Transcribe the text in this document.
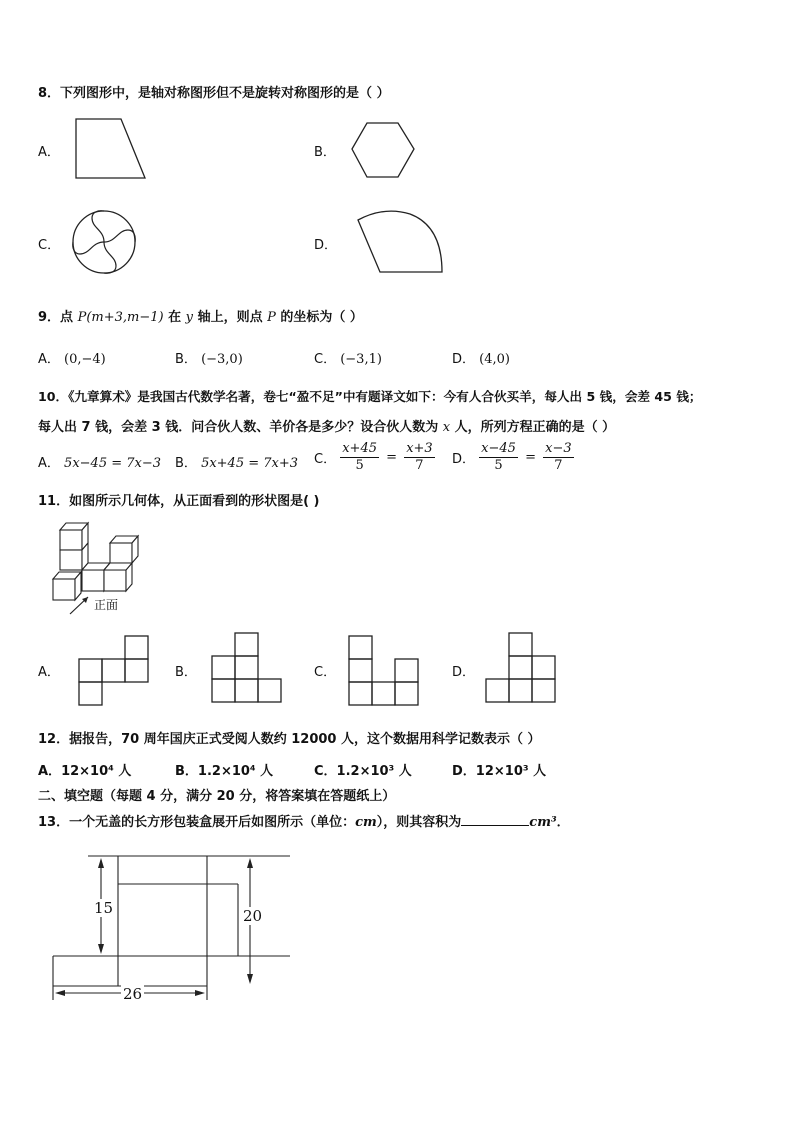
8．下列图形中，是轴对称图形但不是旋转对称图形的是（ ）
A．	B．
C．	D．
9．点 P(m+3,m−1) 在 y 轴上，则点 P 的坐标为（ ）
A． (0,−4)	B． (−3,0)	C． (−3,1)	D． (4,0)
10．《九章算术》是我国古代数学名著，卷七“盈不足”中有题译文如下：今有人合伙买羊，每人出 5 钱，会差 45 钱；
每人出 7 钱，会差 3 钱．问合伙人数、羊价各是多少？设合伙人数为 x 人，所列方程正确的是（ ）
A． 5x−45 = 7x−3 B． 5x+45 = 7x+3 C． $\frac{x+45}{5} = \frac{x+3}{7}$ D． $\frac{x-45}{5} = \frac{x-3}{7}$
11．如图所示几何体，从正面看到的形状图是( )
正面
A．	B．	C．	D．
12．据报告，70 周年国庆正式受阅人数约 12000 人，这个数据用科学记数表示（ ）
A．12×10⁴ 人	B．1.2×10⁴ 人	C．1.2×10³ 人	D．12×10³ 人
二、填空题（每题 4 分，满分 20 分，将答案填在答题纸上）
13．一个无盖的长方形包装盒展开后如图所示（单位：cm），则其容积为	cm³．
15	20
26
